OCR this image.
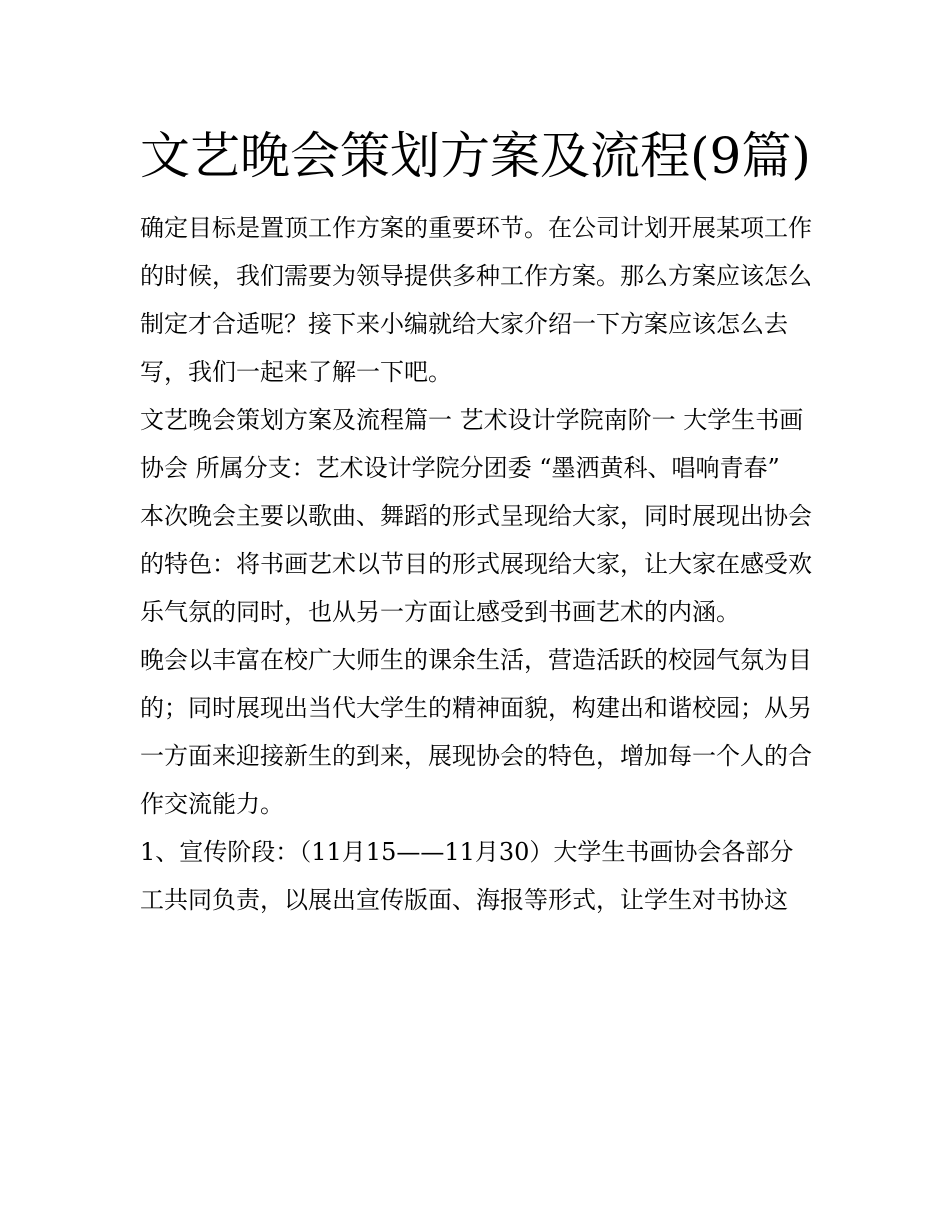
文艺晚会策划方案及流程(9篇)

确定目标是置顶工作方案的重要环节。在公司计划开展某项工作的时候，我们需要为领导提供多种工作方案。那么方案应该怎么制定才合适呢？接下来小编就给大家介绍一下方案应该怎么去写，我们一起来了解一下吧。

文艺晚会策划方案及流程篇一 艺术设计学院南阶一 大学生书画协会 所属分支：艺术设计学院分团委 “墨洒黄科、唱响青春”

本次晚会主要以歌曲、舞蹈的形式呈现给大家，同时展现出协会的特色：将书画艺术以节目的形式展现给大家，让大家在感受欢乐气氛的同时，也从另一方面让感受到书画艺术的内涵。

晚会以丰富在校广大师生的课余生活，营造活跃的校园气氛为目的；同时展现出当代大学生的精神面貌，构建出和谐校园；从另一方面来迎接新生的到来，展现协会的特色，增加每一个人的合作交流能力。

1、宣传阶段：（11月15——11月30）大学生书画协会各部分工共同负责，以展出宣传版面、海报等形式，让学生对书协这
